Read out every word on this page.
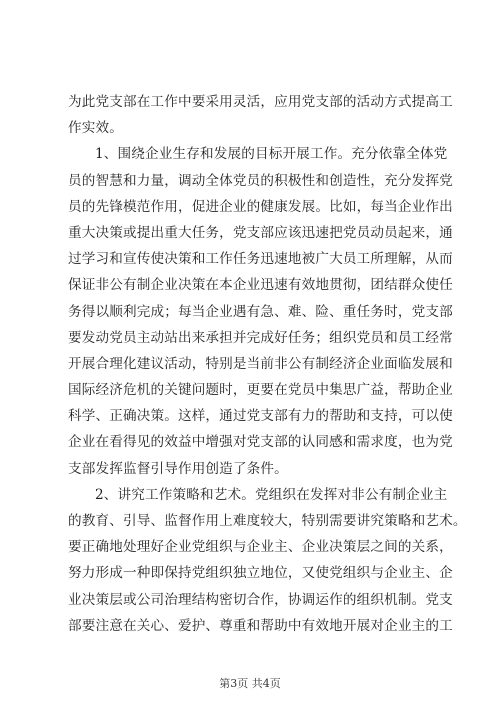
为此党支部在工作中要采用灵活，应用党支部的活动方式提高工
作实效。
1、围绕企业生存和发展的目标开展工作。充分依靠全体党
员的智慧和力量，调动全体党员的积极性和创造性，充分发挥党
员的先锋模范作用，促进企业的健康发展。比如，每当企业作出
重大决策或提出重大任务，党支部应该迅速把党员动员起来，通
过学习和宣传使决策和工作任务迅速地被广大员工所理解，从而
保证非公有制企业决策在本企业迅速有效地贯彻，团结群众使任
务得以顺利完成；每当企业遇有急、难、险、重任务时，党支部
要发动党员主动站出来承担并完成好任务；组织党员和员工经常
开展合理化建议活动，特别是当前非公有制经济企业面临发展和
国际经济危机的关键问题时，更要在党员中集思广益，帮助企业
科学、正确决策。这样，通过党支部有力的帮助和支持，可以使
企业在看得见的效益中增强对党支部的认同感和需求度，也为党
支部发挥监督引导作用创造了条件。
2、讲究工作策略和艺术。党组织在发挥对非公有制企业主
的教育、引导、监督作用上难度较大，特别需要讲究策略和艺术。
要正确地处理好企业党组织与企业主、企业决策层之间的关系，
努力形成一种即保持党组织独立地位，又使党组织与企业主、企
业决策层或公司治理结构密切合作，协调运作的组织机制。党支
部要注意在关心、爱护、尊重和帮助中有效地开展对企业主的工
第3页 共4页
